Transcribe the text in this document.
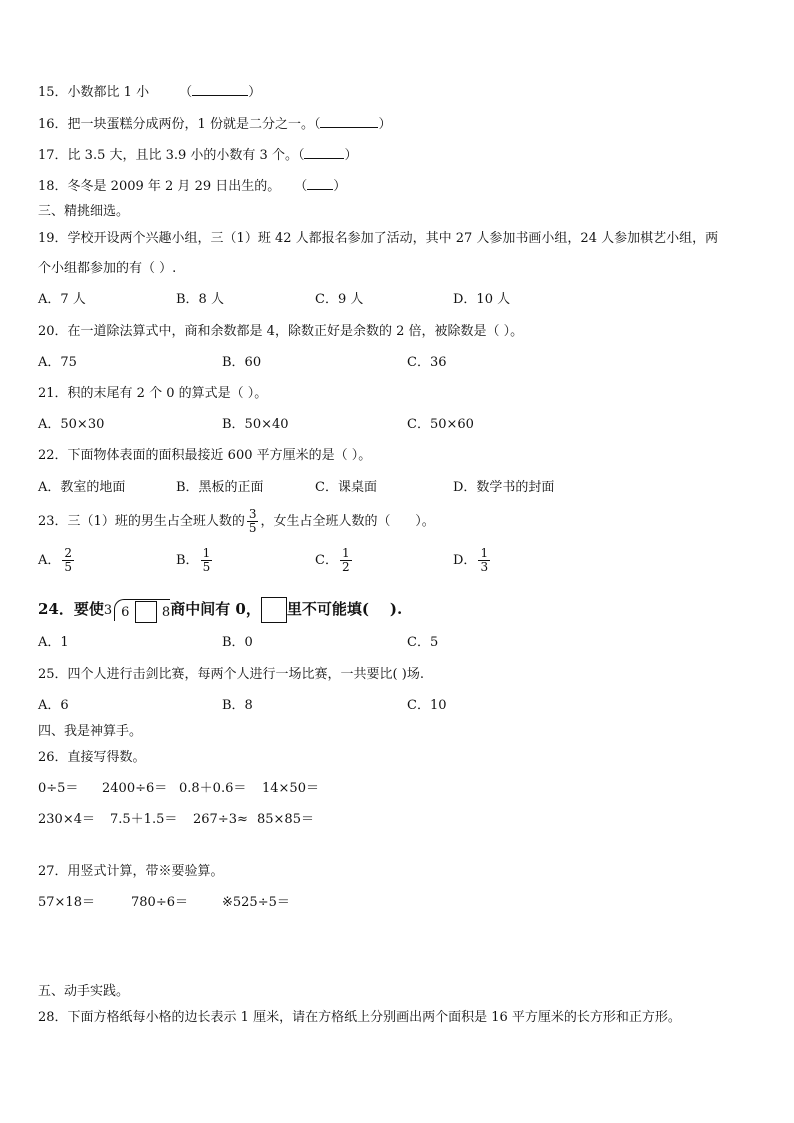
15．小数都比 1 小 （	）
16．把一块蛋糕分成两份，1 份就是二分之一。（	）
17．比 3.5 大，且比 3.9 小的小数有 3 个。（	）
18．冬冬是 2009 年 2 月 29 日出生的。 （ ）
三、精挑细选。
19．学校开设两个兴趣小组，三（1）班 42 人都报名参加了活动，其中 27 人参加书画小组，24 人参加棋艺小组，两
个小组都参加的有（ ）.
A．7 人	B．8 人	C．9 人	D．10 人
20．在一道除法算式中，商和余数都是 4，除数正好是余数的 2 倍，被除数是（ ）。
A．75	B．60	C．36
21．积的末尾有 2 个 0 的算式是（ ）。
A．50×30	B．50×40	C．50×60
22．下面物体表面的面积最接近 600 平方厘米的是（ ）。
A．教室的地面	B．黑板的正面	C．课桌面	D．数学书的封面
23．三（1）班的男生占全班人数的 $\frac{3}{5}$ ，女生占全班人数的（      ）。
A． $\frac{2}{5}$	B． $\frac{1}{5}$	C． $\frac{1}{2}$	D． $\frac{1}{3}$
24．要使3 6 8商中间有 0， 里不可能填(    ).
A．1	B．0	C．5
25．四个人进行击剑比赛，每两个人进行一场比赛，一共要比( )场.
A．6	B．8	C．10
四、我是神算手。
26．直接写得数。
0÷5＝ 2400÷6＝ 0.8＋0.6＝ 14×50＝
230×4＝ 7.5＋1.5＝ 267÷3≈ 85×85＝
27．用竖式计算，带※要验算。
57×18＝	780÷6＝	※525÷5＝
五、动手实践。
28．下面方格纸每小格的边长表示 1 厘米，请在方格纸上分别画出两个面积是 16 平方厘米的长方形和正方形。
